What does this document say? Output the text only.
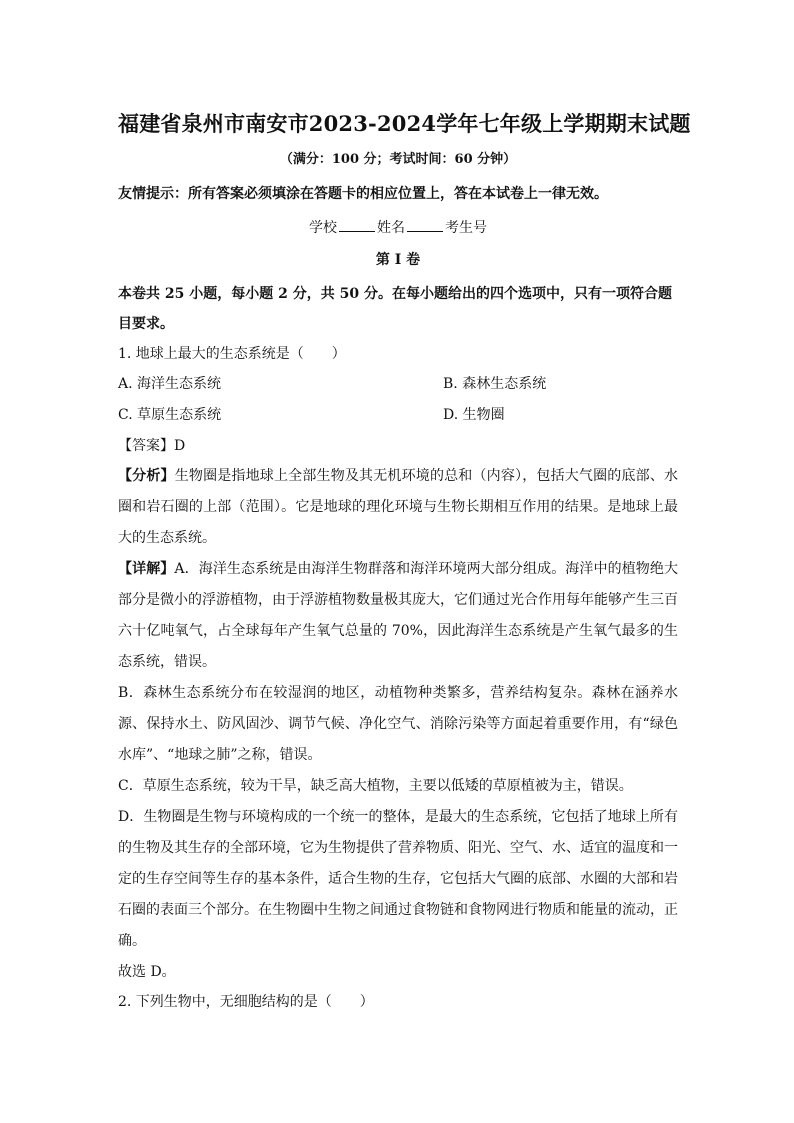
福建省泉州市南安市2023-2024学年七年级上学期期末试题
（满分：100 分；考试时间：60 分钟）
友情提示：所有答案必须填涂在答题卡的相应位置上，答在本试卷上一律无效。
学校	姓名	考生号
第 I 卷
本卷共 25 小题，每小题 2 分，共 50 分。在每小题给出的四个选项中，只有一项符合题目要求。
1. 地球上最大的生态系统是（　　）
A. 海洋生态系统	B. 森林生态系统
C. 草原生态系统	D. 生物圈
【答案】D
【分析】生物圈是指地球上全部生物及其无机环境的总和（内容），包括大气圈的底部、水圈和岩石圈的上部（范围）。它是地球的理化环境与生物长期相互作用的结果。是地球上最大的生态系统。
【详解】A．海洋生态系统是由海洋生物群落和海洋环境两大部分组成。海洋中的植物绝大部分是微小的浮游植物，由于浮游植物数量极其庞大，它们通过光合作用每年能够产生三百六十亿吨氧气，占全球每年产生氧气总量的 70%，因此海洋生态系统是产生氧气最多的生态系统，错误。
B．森林生态系统分布在较湿润的地区，动植物种类繁多，营养结构复杂。森林在涵养水源、保持水土、防风固沙、调节气候、净化空气、消除污染等方面起着重要作用，有“绿色水库”、“地球之肺”之称，错误。
C．草原生态系统，较为干旱，缺乏高大植物，主要以低矮的草原植被为主，错误。
D．生物圈是生物与环境构成的一个统一的整体，是最大的生态系统，它包括了地球上所有的生物及其生存的全部环境，它为生物提供了营养物质、阳光、空气、水、适宜的温度和一定的生存空间等生存的基本条件，适合生物的生存，它包括大气圈的底部、水圈的大部和岩石圈的表面三个部分。在生物圈中生物之间通过食物链和食物网进行物质和能量的流动，正确。
故选 D。
2. 下列生物中，无细胞结构的是（　　）
